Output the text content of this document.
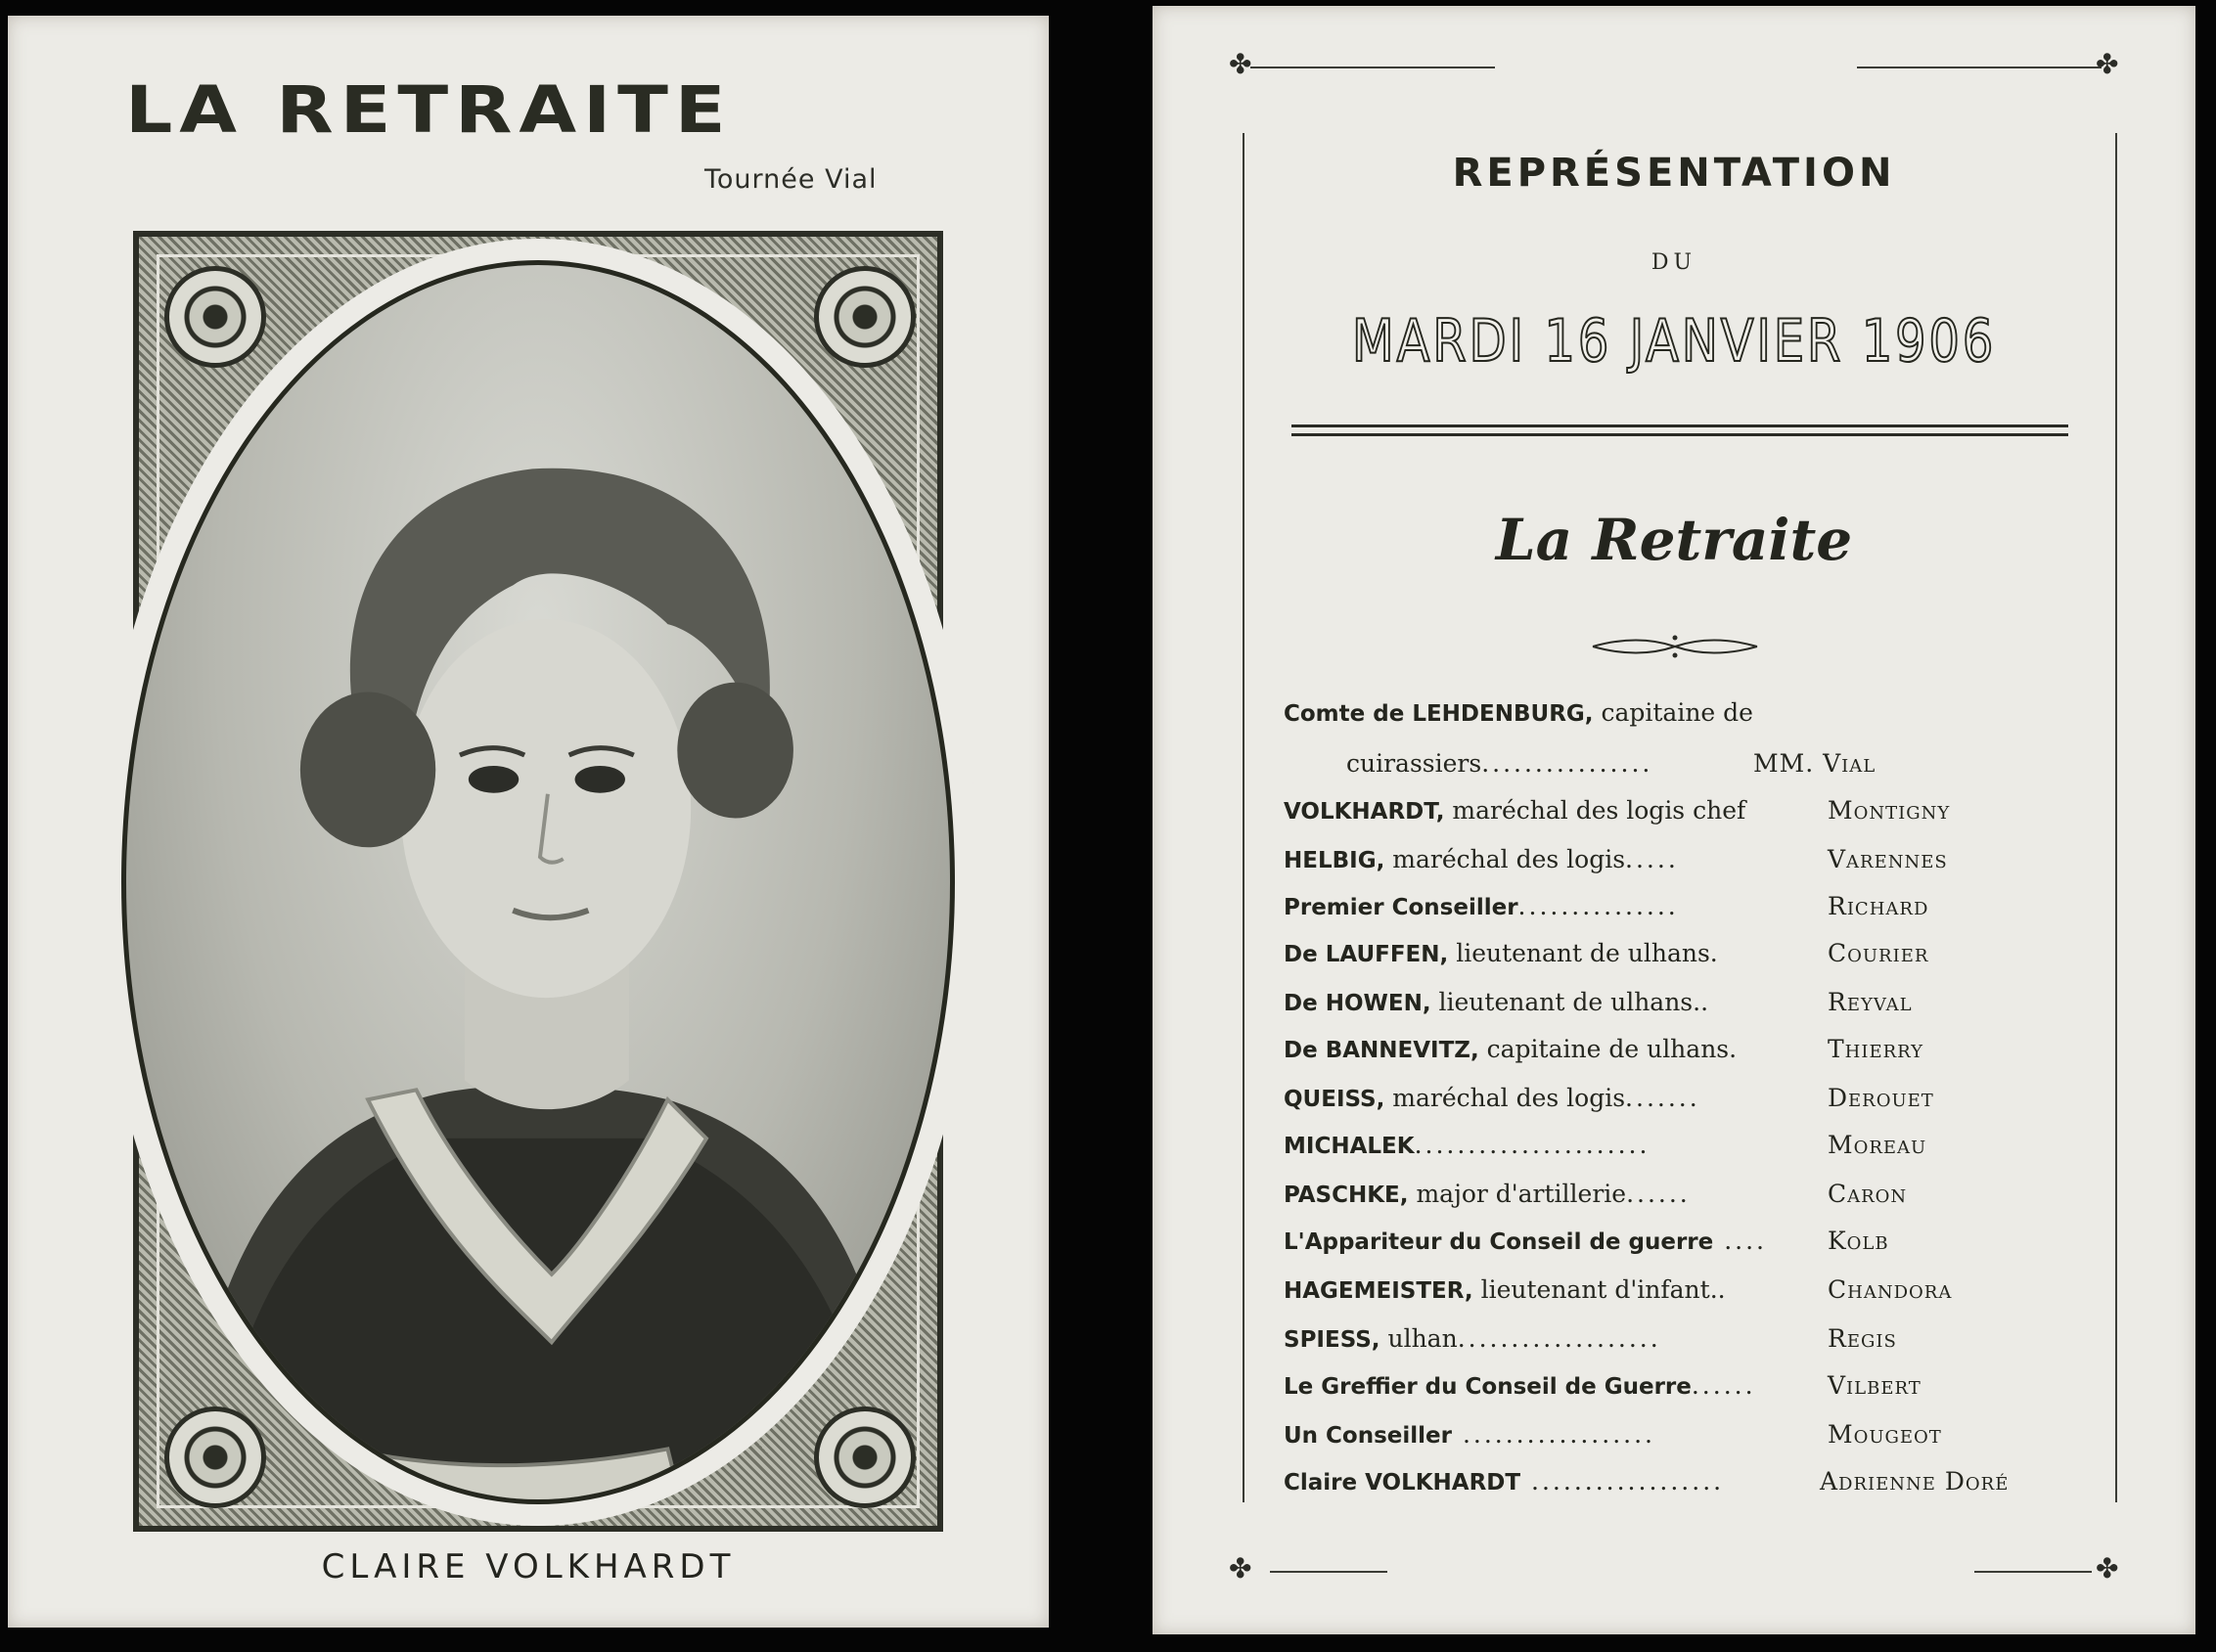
LA RETRAITE
Tournée Vial
CLAIRE VOLKHARDT
✤	✤
✤	✤
REPRÉSENTATION
DU
MARDI 16 JANVIER 1906
La Retraite
Comte de LEHDENBURG, capitaine de
cuirassiers................	MM. Vial
VOLKHARDT, maréchal des logis chef	Montigny
HELBIG, maréchal des logis.....	Varennes
Premier Conseiller...............	Richard
De LAUFFEN, lieutenant de ulhans.	Courier
De HOWEN, lieutenant de ulhans..	Reyval
De BANNEVITZ, capitaine de ulhans.	Thierry
QUEISS, maréchal des logis.......	Derouet
MICHALEK......................	Moreau
PASCHKE, major d'artillerie......	Caron
L'Appariteur du Conseil de guerre .... Kolb
HAGEMEISTER, lieutenant d'infant..	Chandora
SPIESS, ulhan...................	Regis
Le Greffier du Conseil de Guerre......	Vilbert
Un Conseiller ..................	Mougeot
Claire VOLKHARDT ..................	Adrienne Doré
